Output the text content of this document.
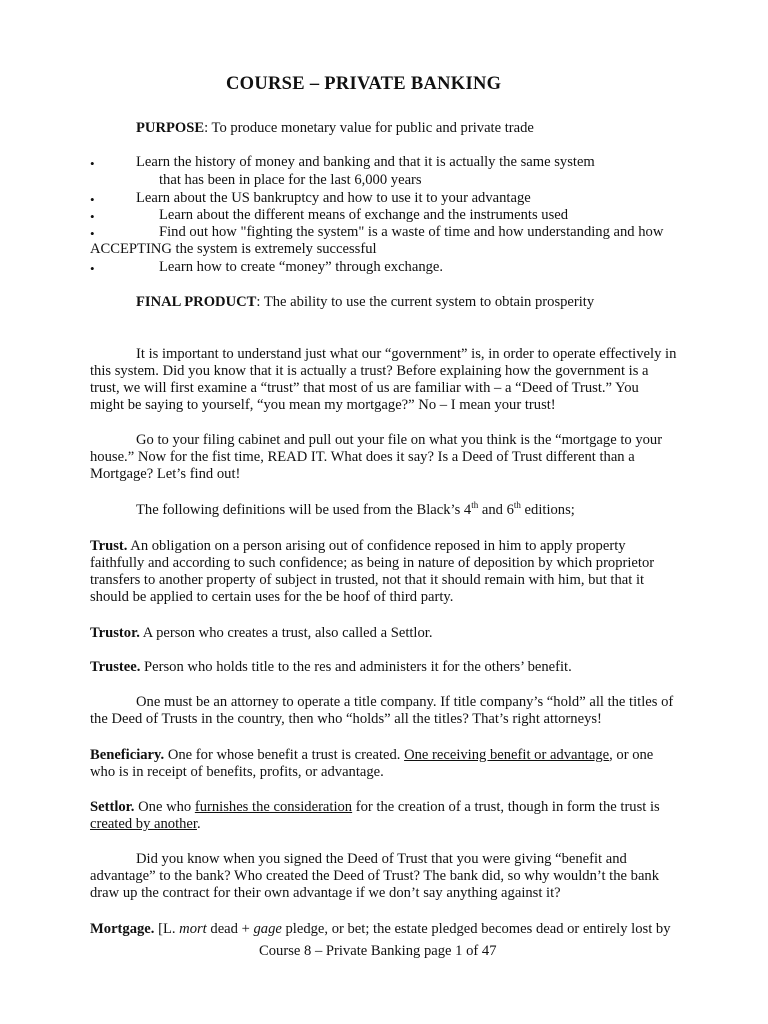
COURSE – PRIVATE BANKING
PURPOSE: To produce monetary value for public and private trade
•	Learn the history of money and banking and that it is actually the same system
that has been in place for the last 6,000 years
•	Learn about the US bankruptcy and how to use it to your advantage
•	Learn about the different means of exchange and the instruments used
•	Find out how "fighting the system" is a waste of time and how understanding and how
ACCEPTING the system is extremely successful
•	Learn how to create “money” through exchange.
FINAL PRODUCT: The ability to use the current system to obtain prosperity
It is important to understand just what our “government” is, in order to operate effectively in
this system. Did you know that it is actually a trust? Before explaining how the government is a
trust, we will first examine a “trust” that most of us are familiar with – a “Deed of Trust.” You
might be saying to yourself, “you mean my mortgage?” No – I mean your trust!
Go to your filing cabinet and pull out your file on what you think is the “mortgage to your
house.” Now for the fist time, READ IT. What does it say? Is a Deed of Trust different than a
Mortgage? Let’s find out!
The following definitions will be used from the Black’s 4th and 6th editions;
Trust. An obligation on a person arising out of confidence reposed in him to apply property
faithfully and according to such confidence; as being in nature of deposition by which proprietor
transfers to another property of subject in trusted, not that it should remain with him, but that it
should be applied to certain uses for the be hoof of third party.
Trustor. A person who creates a trust, also called a Settlor.
Trustee. Person who holds title to the res and administers it for the others’ benefit.
One must be an attorney to operate a title company. If title company’s “hold” all the titles of
the Deed of Trusts in the country, then who “holds” all the titles? That’s right attorneys!
Beneficiary. One for whose benefit a trust is created. One receiving benefit or advantage, or one
who is in receipt of benefits, profits, or advantage.
Settlor. One who furnishes the consideration for the creation of a trust, though in form the trust is
created by another.
Did you know when you signed the Deed of Trust that you were giving “benefit and
advantage” to the bank? Who created the Deed of Trust? The bank did, so why wouldn’t the bank
draw up the contract for their own advantage if we don’t say anything against it?
Mortgage. [L. mort dead + gage pledge, or bet; the estate pledged becomes dead or entirely lost by
Course 8 – Private Banking page 1 of 47
